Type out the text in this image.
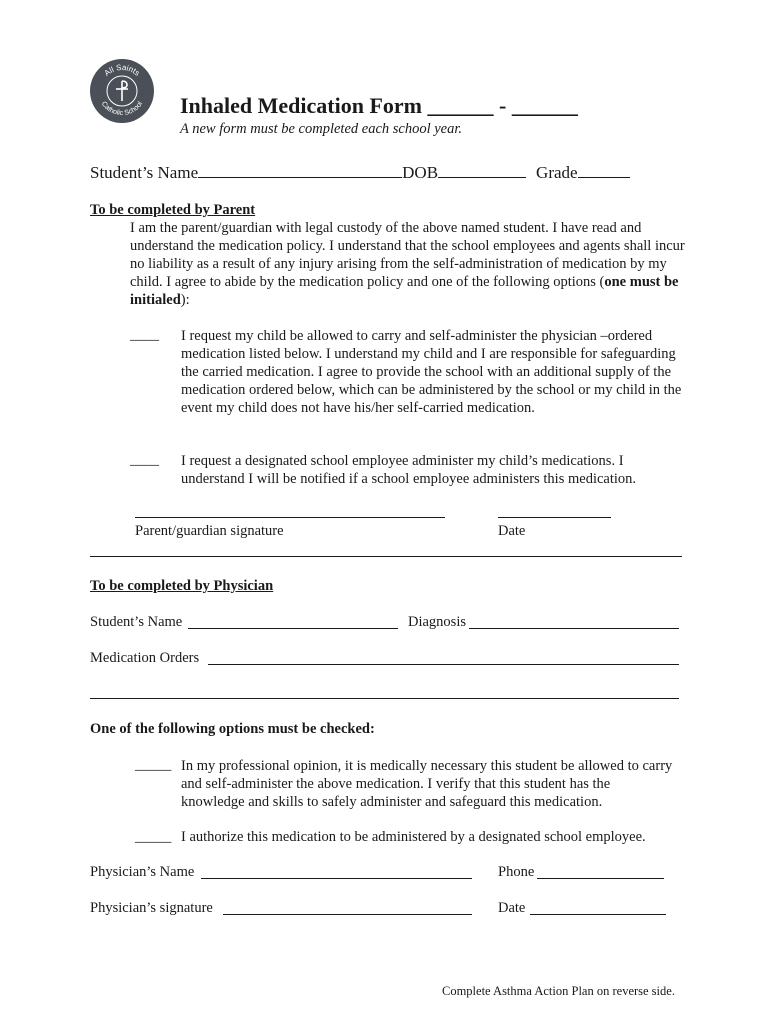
All Saints
Catholic School Inhaled Medication Form ______ - ______
A new form must be completed each school year.
Student’s Name	DOB	Grade
To be completed by Parent
I am the parent/guardian with legal custody of the above named student. I have read and understand the medication policy. I understand that the school employees and agents shall incur no liability as a result of any injury arising from the self-administration of medication by my child. I agree to abide by the medication policy and one of the following options (one must be initialed):
____ I request my child be allowed to carry and self-administer the physician –ordered medication listed below. I understand my child and I are responsible for safeguarding the carried medication. I agree to provide the school with an additional supply of the medication ordered below, which can be administered by the school or my child in the event my child does not have his/her self-carried medication.
____ I request a designated school employee administer my child’s medications. I understand I will be notified if a school employee administers this medication.
Parent/guardian signature	Date
To be completed by Physician
Student’s Name	Diagnosis
Medication Orders
One of the following options must be checked:
_____ In my professional opinion, it is medically necessary this student be allowed to carry and self-administer the above medication. I verify that this student has the knowledge and skills to safely administer and safeguard this medication.
_____ I authorize this medication to be administered by a designated school employee.
Physician’s Name	Phone
Physician’s signature	Date
Complete Asthma Action Plan on reverse side.
